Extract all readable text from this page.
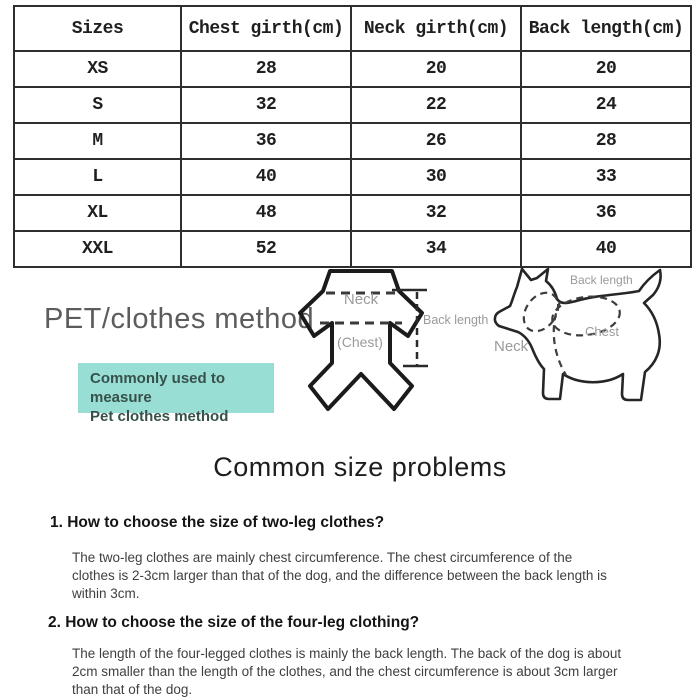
Sizes	Chest girth(cm)	Neck girth(cm)	Back length(cm)
XS	28	20	20
S	32	22	24
M	36	26	28
L	40	30	33
XL	48	32	36
XXL	52	34	40
PET/clothes method
Commonly used to measure
Pet clothes method
Neck
(Chest)
Back length
Back length
Neck
Chest
Common size problems
1. How to choose the size of two-leg clothes?
The two-leg clothes are mainly chest circumference. The chest circumference of the
clothes is 2-3cm larger than that of the dog, and the difference between the back length is
within 3cm.
2. How to choose the size of the four-leg clothing?
The length of the four-legged clothes is mainly the back length. The back of the dog is about
2cm smaller than the length of the clothes, and the chest circumference is about 3cm larger
than that of the dog.
